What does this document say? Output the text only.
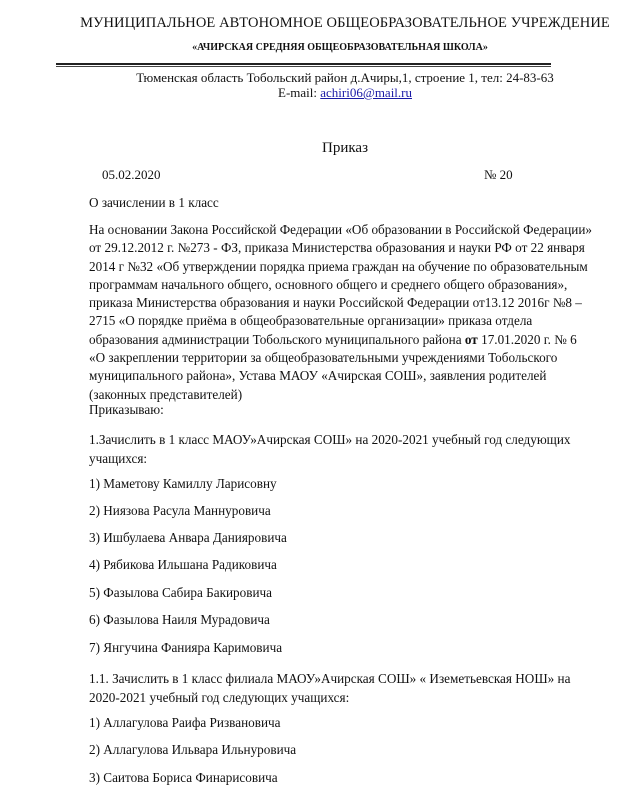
МУНИЦИПАЛЬНОЕ АВТОНОМНОЕ ОБЩЕОБРАЗОВАТЕЛЬНОЕ УЧРЕЖДЕНИЕ
«АЧИРСКАЯ СРЕДНЯЯ ОБЩЕОБРАЗОВАТЕЛЬНАЯ ШКОЛА»
Тюменская область Тобольский район д.Ачиры,1, строение 1, тел: 24-83-63
E-mail: achiri06@mail.ru
Приказ
05.02.2020	№ 20
О зачислении в 1 класс
На основании Закона Российской Федерации «Об образовании в Российской Федерации»
от 29.12.2012 г. №273 - ФЗ, приказа Министерства образования и науки РФ от 22 января
2014 г №32 «Об утверждении порядка приема граждан на обучение по образовательным
программам начального общего, основного общего и среднего общего образования»,
приказа Министерства образования и науки Российской Федерации от13.12 2016г №8 –
2715 «О порядке приёма в общеобразовательные организации» приказа отдела
образования администрации Тобольского муниципального района от 17.01.2020 г. № 6
«О закреплении территории за общеобразовательными учреждениями Тобольского
муниципального района», Устава МАОУ «Ачирская СОШ», заявления родителей
(законных представителей)
Приказываю:
1.Зачислить в 1 класс МАОУ»Ачирская СОШ» на 2020-2021 учебный год следующих
учащихся:
1) Маметову Камиллу Ларисовну
2) Ниязова Расула Маннуровича
3) Ишбулаева Анвара Данияровича
4) Рябикова Ильшана Радиковича
5) Фазылова Сабира Бакировича
6) Фазылова Наиля Мурадовича
7) Янгучина Фанияра Каримовича
1.1. Зачислить в 1 класс филиала МАОУ»Ачирская СОШ» « Иземетьевская НОШ» на
2020-2021 учебный год следующих учащихся:
1) Аллагулова Раифа Ризвановича
2) Аллагулова Ильвара Ильнуровича
3) Саитова Бориса Финарисовича
